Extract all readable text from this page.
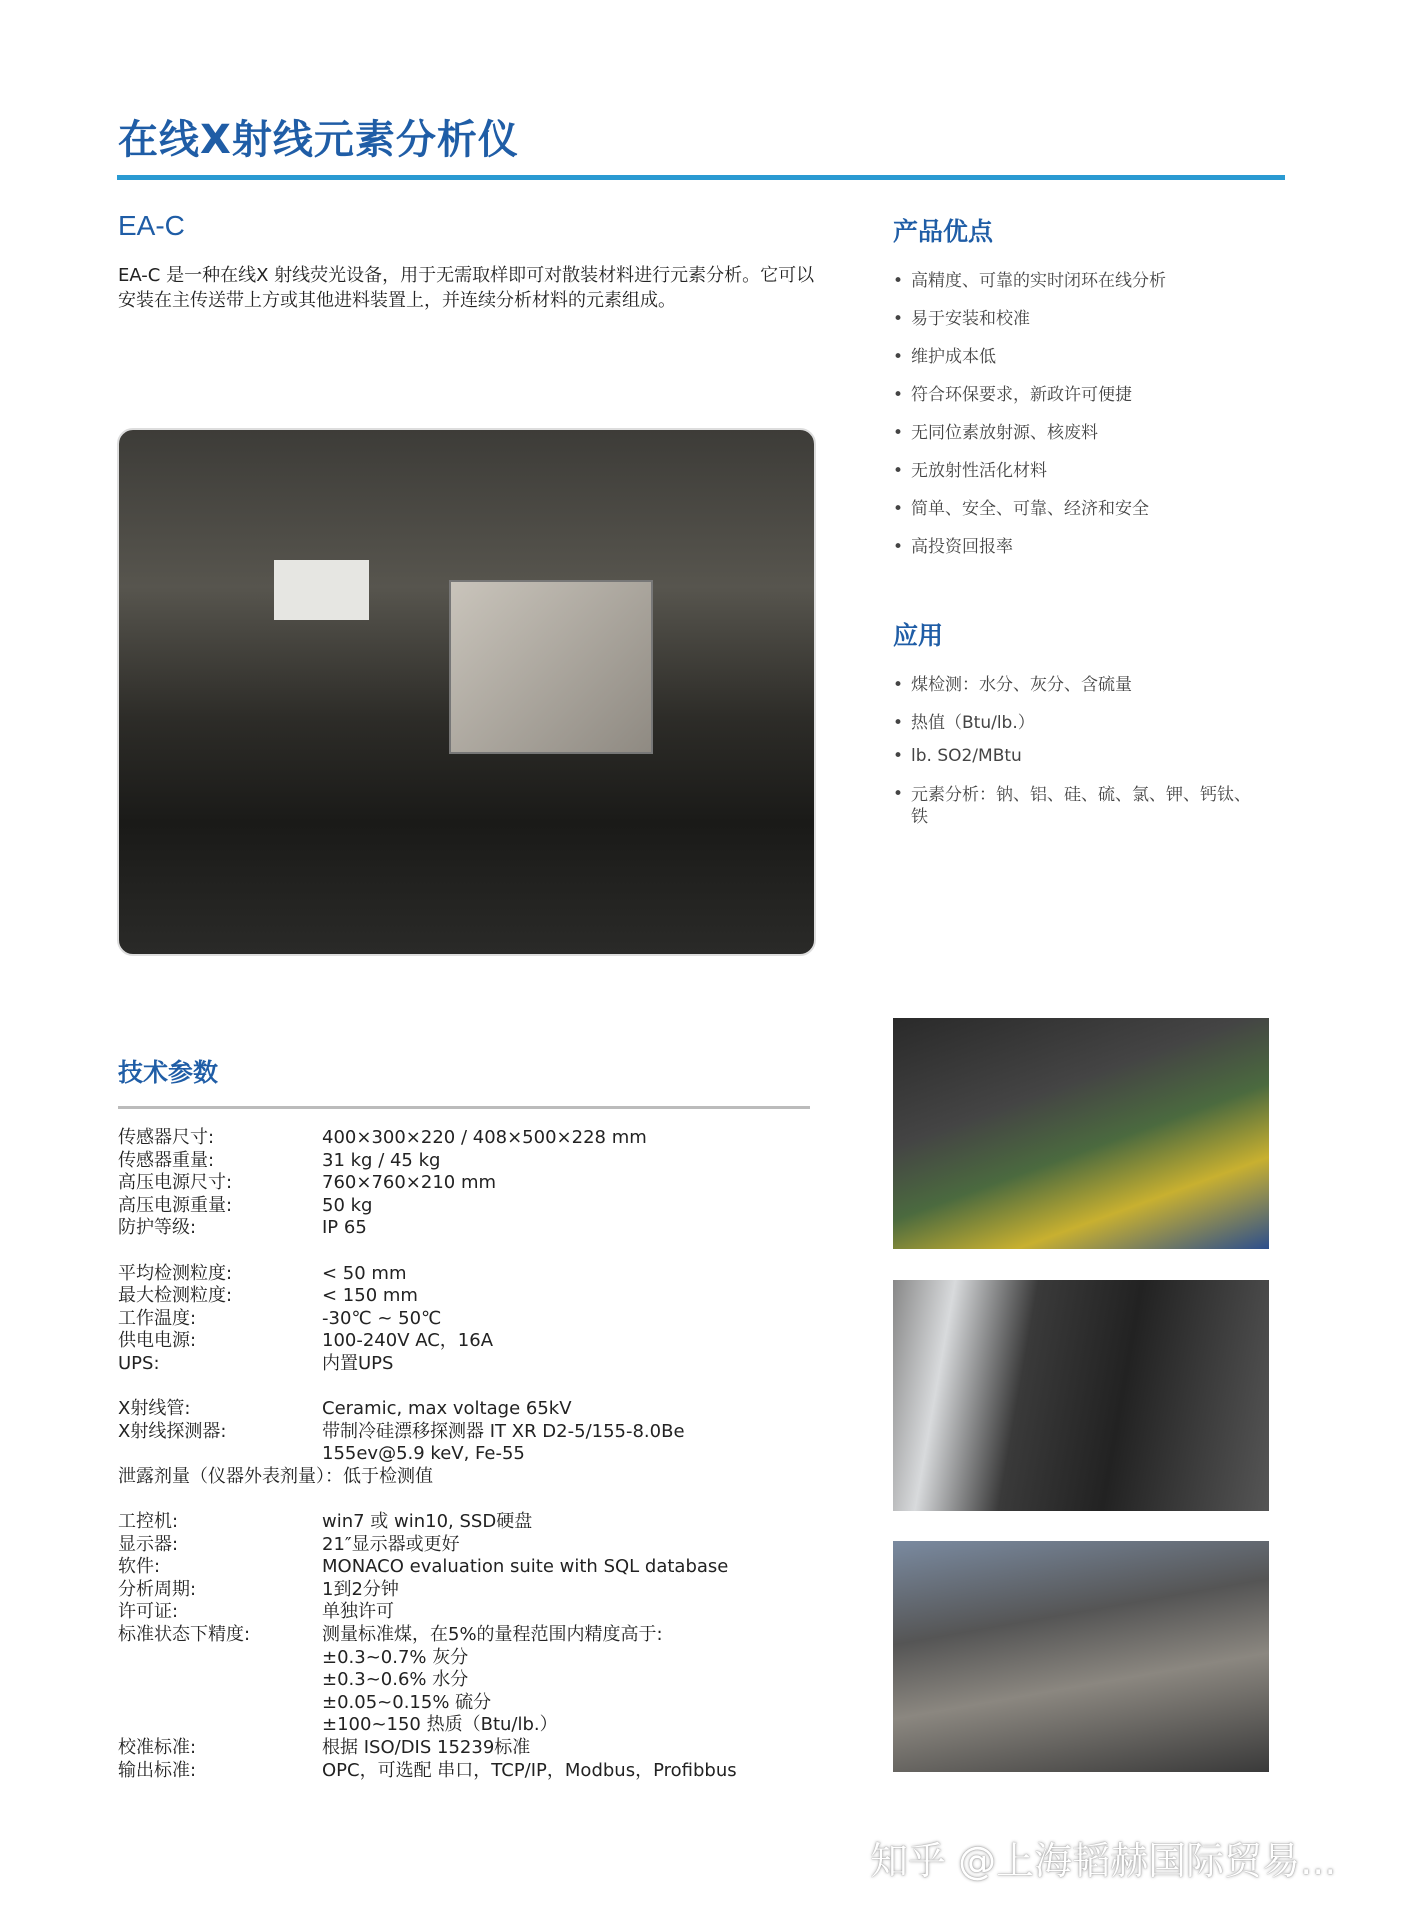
在线X射线元素分析仪
EA-C
EA-C 是一种在线X 射线荧光设备，用于无需取样即可对散装材料进行元素分析。它可以安装在主传送带上方或其他进料装置上，并连续分析材料的元素组成。
产品优点
• 高精度、可靠的实时闭环在线分析
• 易于安装和校准
• 维护成本低
• 符合环保要求，新政许可便捷
• 无同位素放射源、核废料
• 无放射性活化材料
• 简单、安全、可靠、经济和安全
• 高投资回报率
应用
• 煤检测：水分、灰分、含硫量
• 热值（Btu/lb.）
• lb. SO2/MBtu
• 元素分析：钠、铝、硅、硫、氯、钾、钙钛、铁
技术参数
传感器尺寸:	400×300×220 / 408×500×228 mm
传感器重量:	31 kg / 45 kg
高压电源尺寸:	760×760×210 mm
高压电源重量:	50 kg
防护等级:	IP 65
平均检测粒度:	< 50 mm
最大检测粒度:	< 150 mm
工作温度:	-30℃ ~ 50℃
供电电源:	100-240V AC，16A
UPS:	内置UPS
X射线管:	Ceramic, max voltage 65kV
X射线探测器:	带制冷硅漂移探测器 IT XR D2-5/155-8.0Be
155ev@5.9 keV, Fe-55
泄露剂量（仪器外表剂量）：低于检测值
工控机:	win7 或 win10, SSD硬盘
显示器:	21″显示器或更好
软件:	MONACO evaluation suite with SQL database
分析周期:	1到2分钟
许可证:	单独许可
标准状态下精度:	测量标准煤，在5%的量程范围内精度高于:
±0.3~0.7% 灰分
±0.3~0.6% 水分
±0.05~0.15% 硫分
±100~150 热质（Btu/lb.）
校准标准:	根据 ISO/DIS 15239标准
输出标准:	OPC，可选配 串口，TCP/IP，Modbus，Profibbus
知乎 @上海韬赫国际贸易...
